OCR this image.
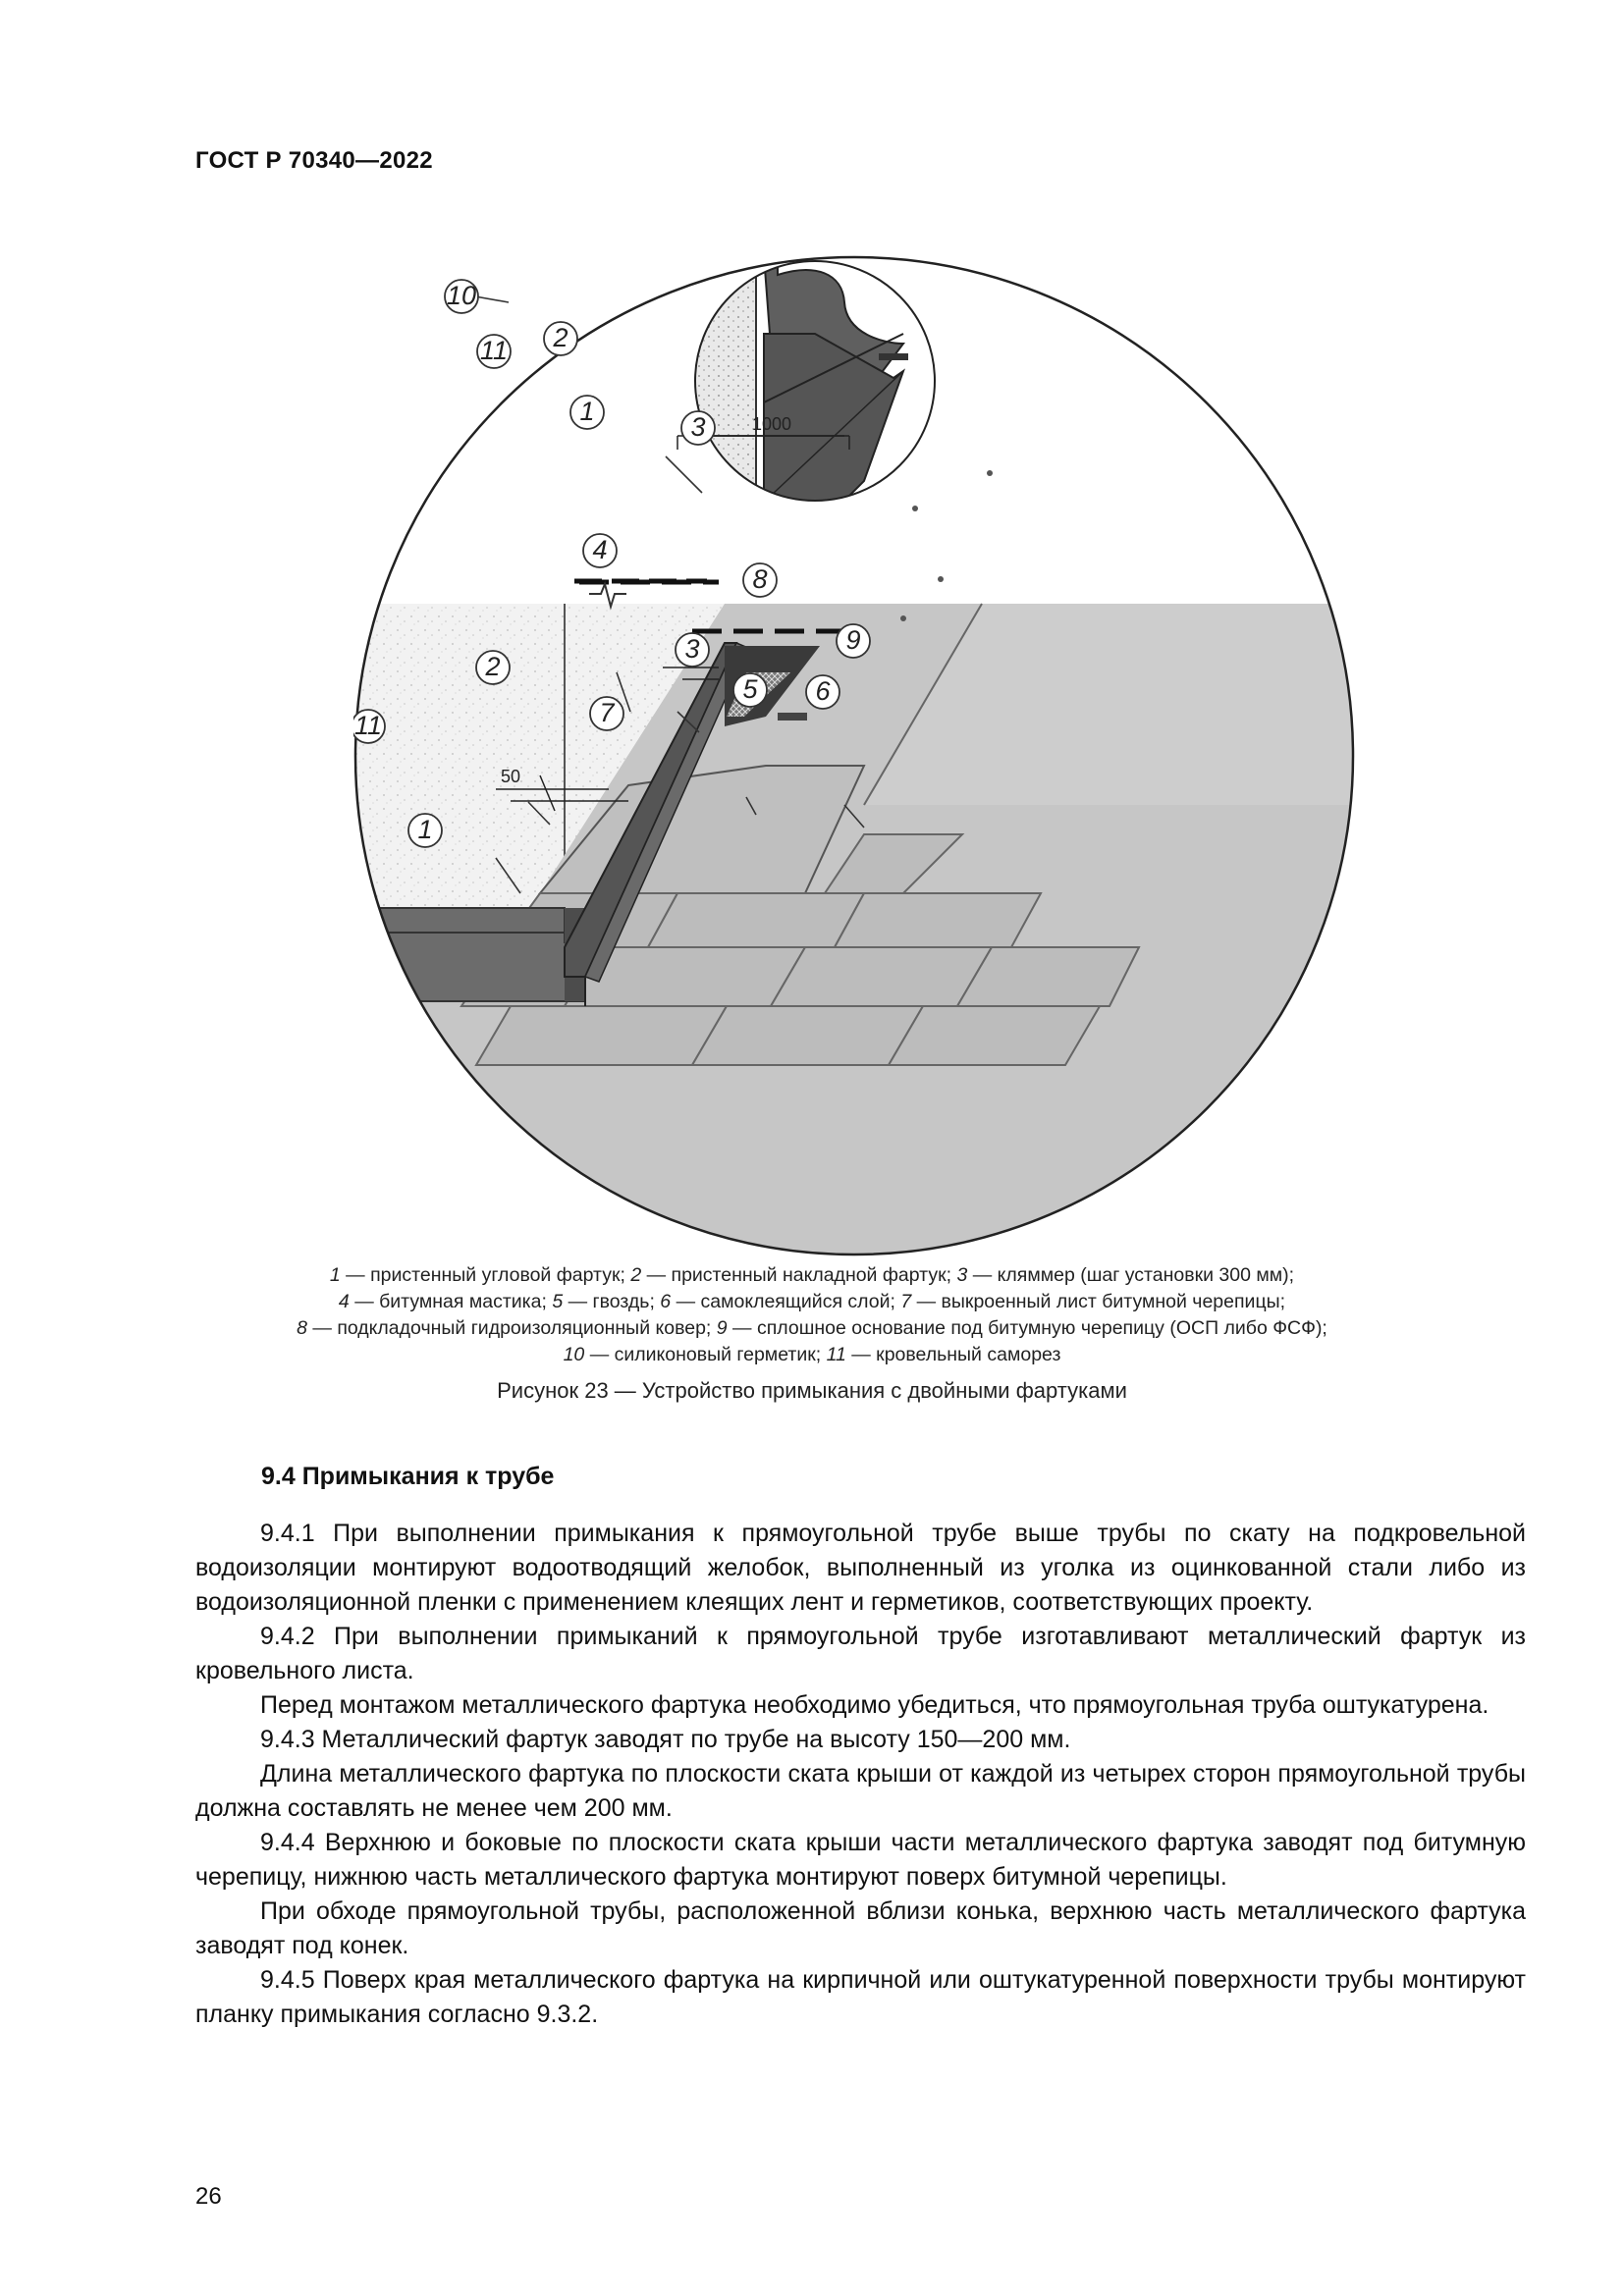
ГОСТ Р 70340—2022
1000
50
10
11 2
1
3
4
8
3	9
2
5 6
7
11
1
1 — пристенный угловой фартук; 2 — пристенный накладной фартук; 3 — кляммер (шаг установки 300 мм);
4 — битумная мастика; 5 — гвоздь; 6 — самоклеящийся слой; 7 — выкроенный лист битумной черепицы;
8 — подкладочный гидроизоляционный ковер; 9 — сплошное основание под битумную черепицу (ОСП либо ФСФ);
10 — силиконовый герметик; 11 — кровельный саморез
Рисунок 23 — Устройство примыкания с двойными фартуками
9.4 Примыкания к трубе

9.4.1 При выполнении примыкания к прямоугольной трубе выше трубы по скату на подкровельной водоизоляции монтируют водоотводящий желобок, выполненный из уголка из оцинкованной стали либо из водоизоляционной пленки с применением клеящих лент и герметиков, соответствующих проекту.

9.4.2 При выполнении примыканий к прямоугольной трубе изготавливают металлический фартук из кровельного листа.

Перед монтажом металлического фартука необходимо убедиться, что прямоугольная труба оштукатурена.

9.4.3 Металлический фартук заводят по трубе на высоту 150—200 мм.

Длина металлического фартука по плоскости ската крыши от каждой из четырех сторон прямоугольной трубы должна составлять не менее чем 200 мм.

9.4.4 Верхнюю и боковые по плоскости ската крыши части металлического фартука заводят под битумную черепицу, нижнюю часть металлического фартука монтируют поверх битумной черепицы.

При обходе прямоугольной трубы, расположенной вблизи конька, верхнюю часть металлического фартука заводят под конек.

9.4.5 Поверх края металлического фартука на кирпичной или оштукатуренной поверхности трубы монтируют планку примыкания согласно 9.3.2.

26
